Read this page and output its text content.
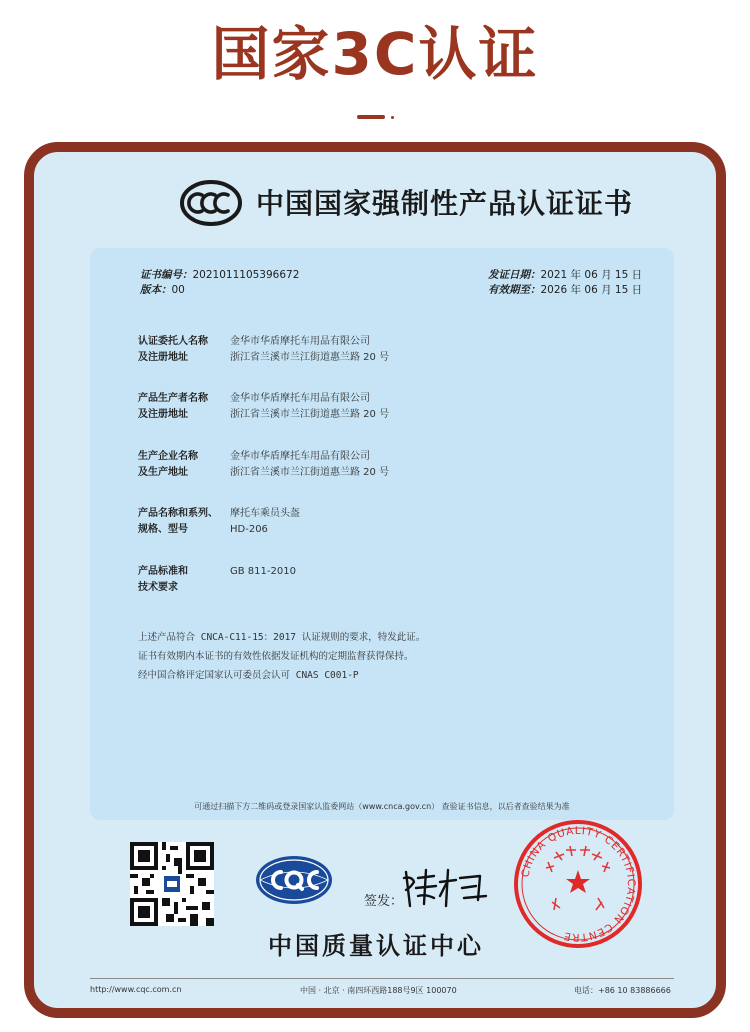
国家3C认证
中国国家强制性产品认证证书
证书编号：2021011105396672
版本：00
发证日期：2021 年 06 月 15 日
有效期至：2026 年 06 月 15 日
认证委托人名称
及注册地址
金华市华盾摩托车用品有限公司
浙江省兰溪市兰江街道惠兰路 20 号
产品生产者名称
及注册地址
金华市华盾摩托车用品有限公司
浙江省兰溪市兰江街道惠兰路 20 号
生产企业名称
及生产地址
金华市华盾摩托车用品有限公司
浙江省兰溪市兰江街道惠兰路 20 号
产品名称和系列、
规格、型号
摩托车乘员头盔
HD-206
产品标准和
技术要求
GB 811-2010
上述产品符合 CNCA-C11-15：2017 认证规则的要求，特发此证。
证书有效期内本证书的有效性依据发证机构的定期监督获得保持。
经中国合格评定国家认可委员会认可 CNAS C001-P
可通过扫描下方二维码或登录国家认监委网站（www.cnca.gov.cn） 查验证书信息，以后者查验结果为准
签发：
中国质量认证中心
CHINA QUALITY CERTIFICATION CENTRE
http://www.cqc.com.cn	中国 · 北京 · 南四环西路188号9区 100070	电话：+86 10 83886666
